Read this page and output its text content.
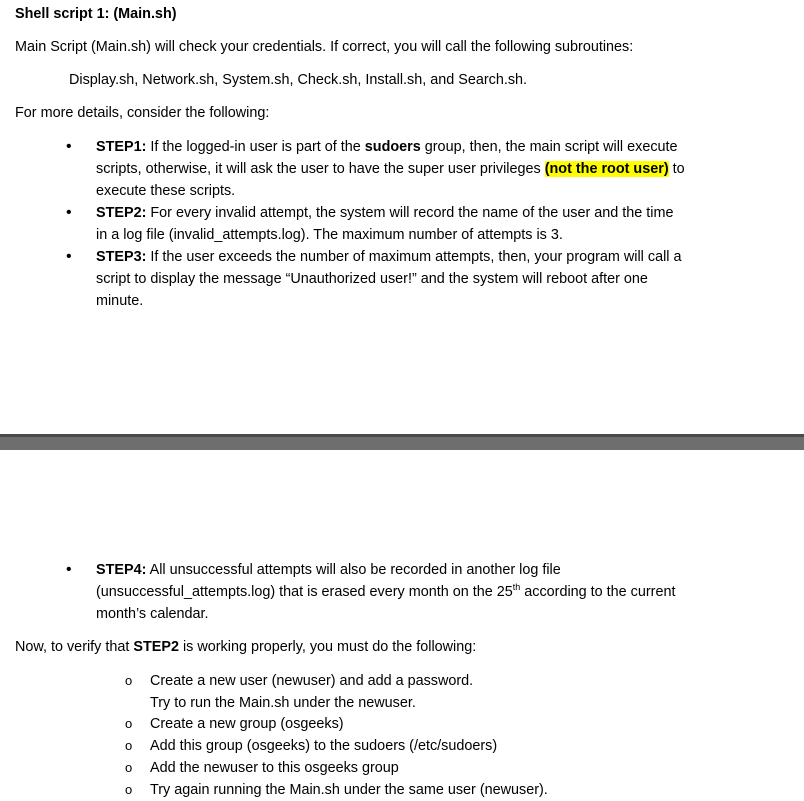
Shell script 1: (Main.sh)
Main Script (Main.sh) will check your credentials. If correct, you will call the following subroutines:
Display.sh, Network.sh, System.sh, Check.sh, Install.sh, and Search.sh.
For more details, consider the following:
• STEP1: If the logged-in user is part of the sudoers group, then, the main script will execute
scripts, otherwise, it will ask the user to have the super user privileges (not the root user) to
execute these scripts.
• STEP2: For every invalid attempt, the system will record the name of the user and the time
in a log file (invalid_attempts.log). The maximum number of attempts is 3.
• STEP3: If the user exceeds the number of maximum attempts, then, your program will call a
script to display the message “Unauthorized user!” and the system will reboot after one
minute.
• STEP4: All unsuccessful attempts will also be recorded in another log file
(unsuccessful_attempts.log) that is erased every month on the 25th according to the current
month’s calendar.
Now, to verify that STEP2 is working properly, you must do the following:
o Create a new user (newuser) and add a password.
Try to run the Main.sh under the newuser.
o Create a new group (osgeeks)
o Add this group (osgeeks) to the sudoers (/etc/sudoers)
o Add the newuser to this osgeeks group
o Try again running the Main.sh under the same user (newuser).
